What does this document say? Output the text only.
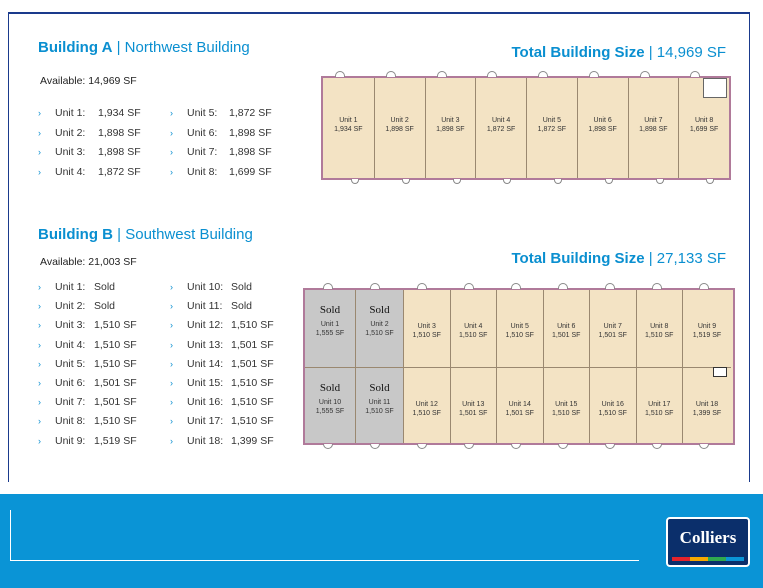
Building A | Northwest Building	Total Building Size | 14,969 SF
Available: 14,969 SF
› Unit 1: 1,934 SF
› Unit 2: 1,898 SF
› Unit 3: 1,898 SF
› Unit 4: 1,872 SF
› Unit 5: 1,872 SF
› Unit 6: 1,898 SF
› Unit 7: 1,898 SF
› Unit 8: 1,699 SF
Unit 1
1,934 SF
Unit 2
1,898 SF
Unit 3
1,898 SF
Unit 4
1,872 SF
Unit 5
1,872 SF
Unit 6
1,898 SF
Unit 7
1,898 SF
Unit 8
1,699 SF
Building B | Southwest Building
Total Building Size | 27,133 SF
Available: 21,003 SF
› Unit 1: Sold
› Unit 2: Sold
› Unit 3: 1,510 SF
› Unit 4: 1,510 SF
› Unit 5: 1,510 SF
› Unit 6: 1,501 SF
› Unit 7: 1,501 SF
› Unit 8: 1,510 SF
› Unit 9: 1,519 SF
› Unit 10: Sold
› Unit 11: Sold
› Unit 12: 1,510 SF
› Unit 13: 1,501 SF
› Unit 14: 1,501 SF
› Unit 15: 1,510 SF
› Unit 16: 1,510 SF
› Unit 17: 1,510 SF
› Unit 18: 1,399 SF
Sold
Unit 1
1,555 SF
Sold
Unit 2
1,510 SF
Unit 3
1,510 SF
Unit 4
1,510 SF
Unit 5
1,510 SF
Unit 6
1,501 SF
Unit 7
1,501 SF
Unit 8
1,510 SF
Unit 9
1,519 SF
Sold
Unit 10
1,555 SF
Sold
Unit 11
1,510 SF
Unit 12
1,510 SF
Unit 13
1,501 SF
Unit 14
1,501 SF
Unit 15
1,510 SF
Unit 16
1,510 SF
Unit 17
1,510 SF
Unit 18
1,399 SF
Colliers
